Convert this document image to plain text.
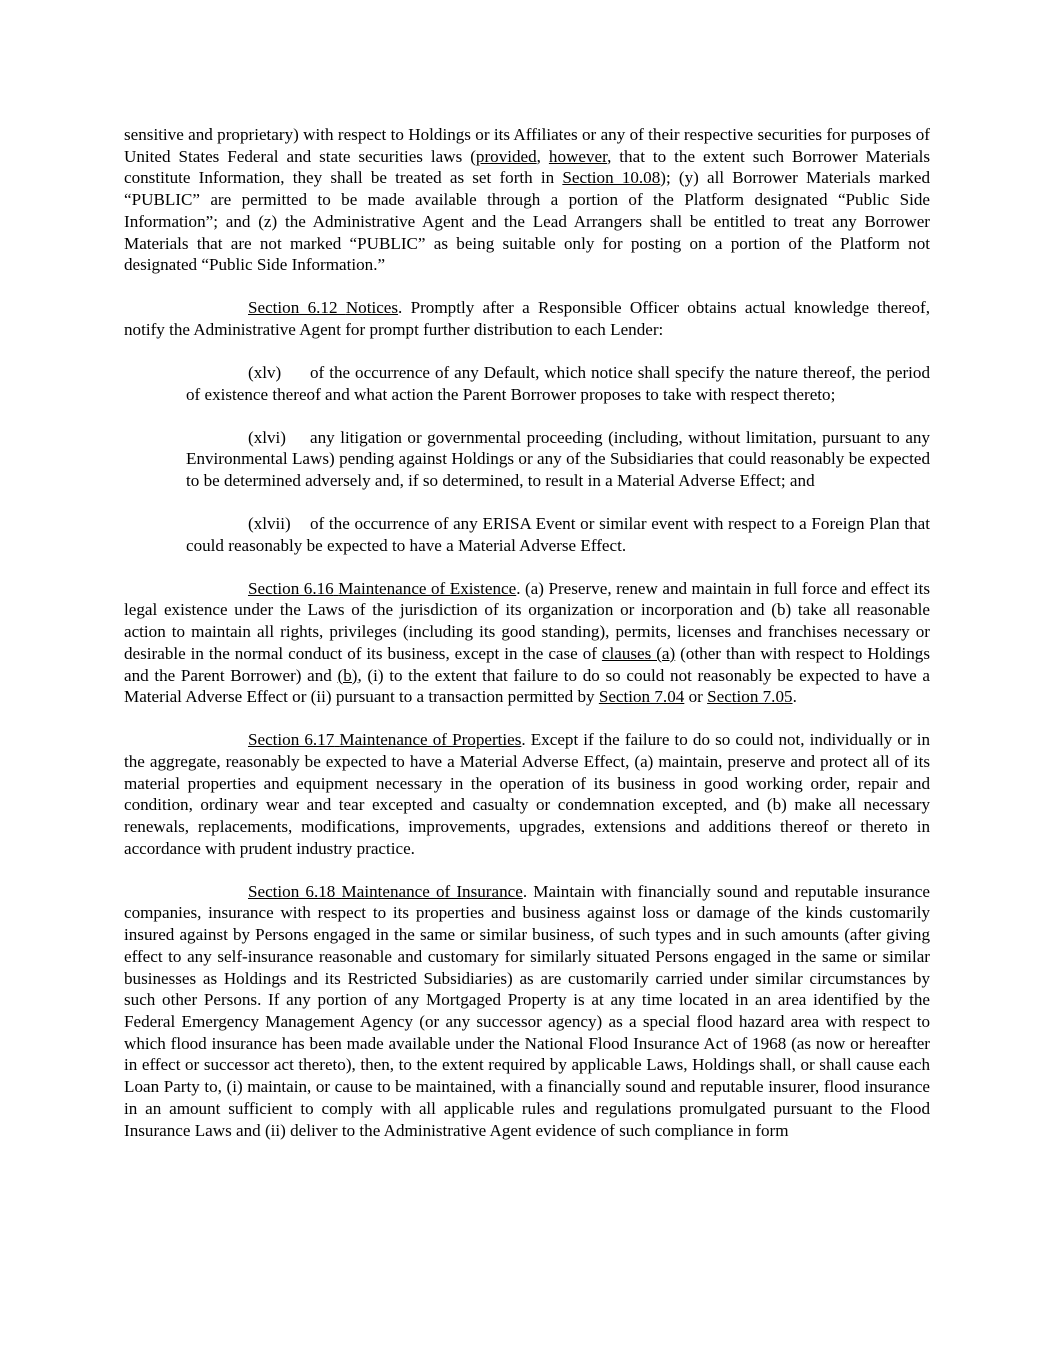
sensitive and proprietary) with respect to Holdings or its Affiliates or any of their respective securities for purposes of United States Federal and state securities laws (provided, however, that to the extent such Borrower Materials constitute Information, they shall be treated as set forth in Section 10.08); (y) all Borrower Materials marked “PUBLIC” are permitted to be made available through a portion of the Platform designated “Public Side Information”; and (z) the Administrative Agent and the Lead Arrangers shall be entitled to treat any Borrower Materials that are not marked “PUBLIC” as being suitable only for posting on a portion of the Platform not designated “Public Side Information.”

Section 6.12 Notices. Promptly after a Responsible Officer obtains actual knowledge thereof, notify the Administrative Agent for prompt further distribution to each Lender:

(xlv) of the occurrence of any Default, which notice shall specify the nature thereof, the period of existence thereof and what action the Parent Borrower proposes to take with respect thereto;

(xlvi) any litigation or governmental proceeding (including, without limitation, pursuant to any Environmental Laws) pending against Holdings or any of the Subsidiaries that could reasonably be expected to be determined adversely and, if so determined, to result in a Material Adverse Effect; and

(xlvii) of the occurrence of any ERISA Event or similar event with respect to a Foreign Plan that could reasonably be expected to have a Material Adverse Effect.

Section 6.16 Maintenance of Existence. (a) Preserve, renew and maintain in full force and effect its legal existence under the Laws of the jurisdiction of its organization or incorporation and (b) take all reasonable action to maintain all rights, privileges (including its good standing), permits, licenses and franchises necessary or desirable in the normal conduct of its business, except in the case of clauses (a) (other than with respect to Holdings and the Parent Borrower) and (b), (i) to the extent that failure to do so could not reasonably be expected to have a Material Adverse Effect or (ii) pursuant to a transaction permitted by Section 7.04 or Section 7.05.

Section 6.17 Maintenance of Properties. Except if the failure to do so could not, individually or in the aggregate, reasonably be expected to have a Material Adverse Effect, (a) maintain, preserve and protect all of its material properties and equipment necessary in the operation of its business in good working order, repair and condition, ordinary wear and tear excepted and casualty or condemnation excepted, and (b) make all necessary renewals, replacements, modifications, improvements, upgrades, extensions and additions thereof or thereto in accordance with prudent industry practice.

Section 6.18 Maintenance of Insurance. Maintain with financially sound and reputable insurance companies, insurance with respect to its properties and business against loss or damage of the kinds customarily insured against by Persons engaged in the same or similar business, of such types and in such amounts (after giving effect to any self-insurance reasonable and customary for similarly situated Persons engaged in the same or similar businesses as Holdings and its Restricted Subsidiaries) as are customarily carried under similar circumstances by such other Persons. If any portion of any Mortgaged Property is at any time located in an area identified by the Federal Emergency Management Agency (or any successor agency) as a special flood hazard area with respect to which flood insurance has been made available under the National Flood Insurance Act of 1968 (as now or hereafter in effect or successor act thereto), then, to the extent required by applicable Laws, Holdings shall, or shall cause each Loan Party to, (i) maintain, or cause to be maintained, with a financially sound and reputable insurer, flood insurance in an amount sufficient to comply with all applicable rules and regulations promulgated pursuant to the Flood Insurance Laws and (ii) deliver to the Administrative Agent evidence of such compliance in form
